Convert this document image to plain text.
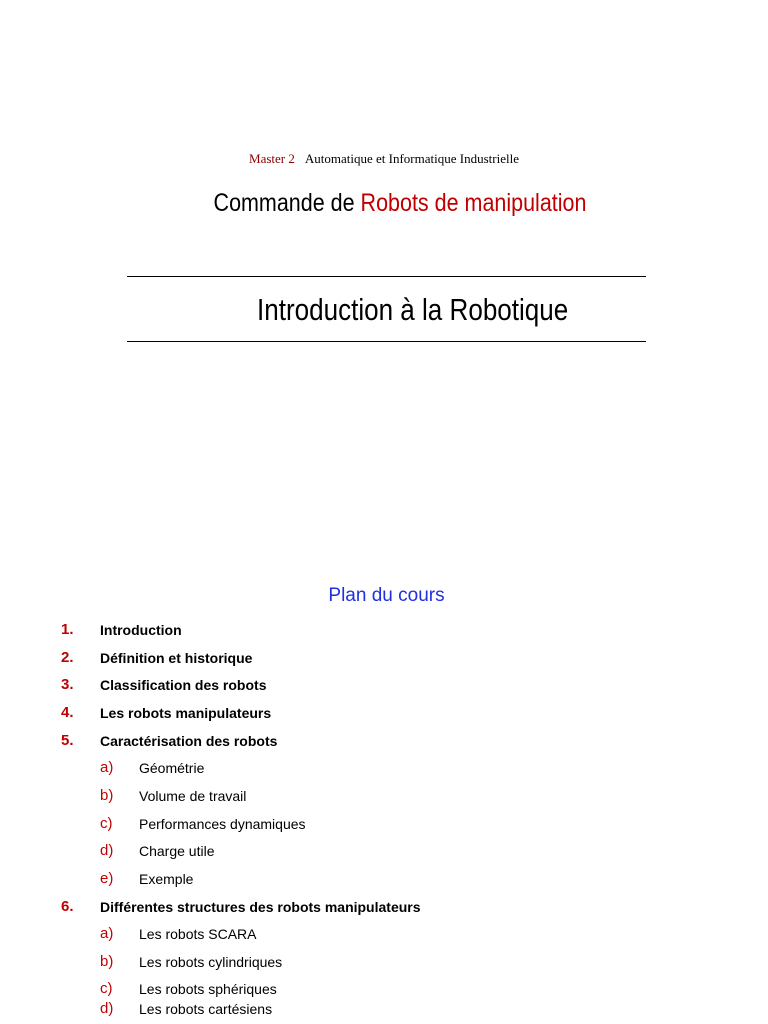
Master 2 Automatique et Informatique Industrielle
Commande de Robots de manipulation
Introduction à la Robotique
Plan du cours
1. Introduction
2. Définition et historique
3. Classification des robots
4. Les robots manipulateurs
5. Caractérisation des robots
a) Géométrie
b) Volume de travail
c) Performances dynamiques
d) Charge utile
e) Exemple
6. Différentes structures des robots manipulateurs
a) Les robots SCARA
b) Les robots cylindriques
c) Les robots sphériques
d) Les robots cartésiens
